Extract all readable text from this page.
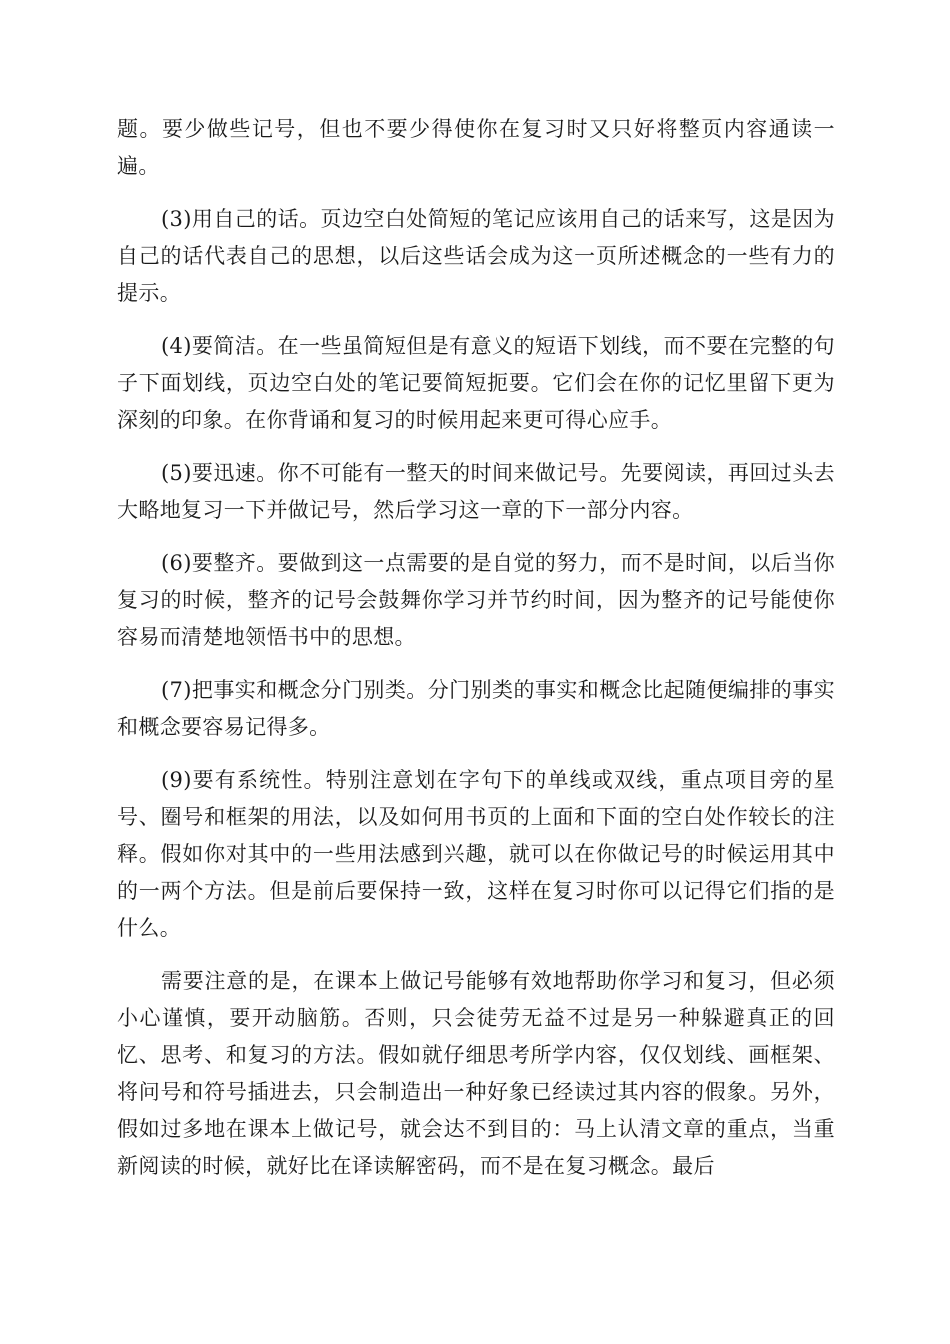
题。要少做些记号，但也不要少得使你在复习时又只好将整页内容通读一遍。

(3)用自己的话。页边空白处简短的笔记应该用自己的话来写，这是因为自己的话代表自己的思想，以后这些话会成为这一页所述概念的一些有力的提示。

(4)要简洁。在一些虽简短但是有意义的短语下划线，而不要在完整的句子下面划线，页边空白处的笔记要简短扼要。它们会在你的记忆里留下更为深刻的印象。在你背诵和复习的时候用起来更可得心应手。

(5)要迅速。你不可能有一整天的时间来做记号。先要阅读，再回过头去大略地复习一下并做记号，然后学习这一章的下一部分内容。

(6)要整齐。要做到这一点需要的是自觉的努力，而不是时间，以后当你复习的时候，整齐的记号会鼓舞你学习并节约时间，因为整齐的记号能使你容易而清楚地领悟书中的思想。

(7)把事实和概念分门别类。分门别类的事实和概念比起随便编排的事实和概念要容易记得多。

(9)要有系统性。特别注意划在字句下的单线或双线，重点项目旁的星号、圈号和框架的用法，以及如何用书页的上面和下面的空白处作较长的注释。假如你对其中的一些用法感到兴趣，就可以在你做记号的时候运用其中的一两个方法。但是前后要保持一致，这样在复习时你可以记得它们指的是什么。

需要注意的是，在课本上做记号能够有效地帮助你学习和复习，但必须小心谨慎，要开动脑筋。否则，只会徒劳无益不过是另一种躲避真正的回忆、思考、和复习的方法。假如就仔细思考所学内容，仅仅划线、画框架、将问号和符号插进去，只会制造出一种好象已经读过其内容的假象。另外，假如过多地在课本上做记号，就会达不到目的：马上认清文章的重点，当重新阅读的时候，就好比在译读解密码，而不是在复习概念。最后
